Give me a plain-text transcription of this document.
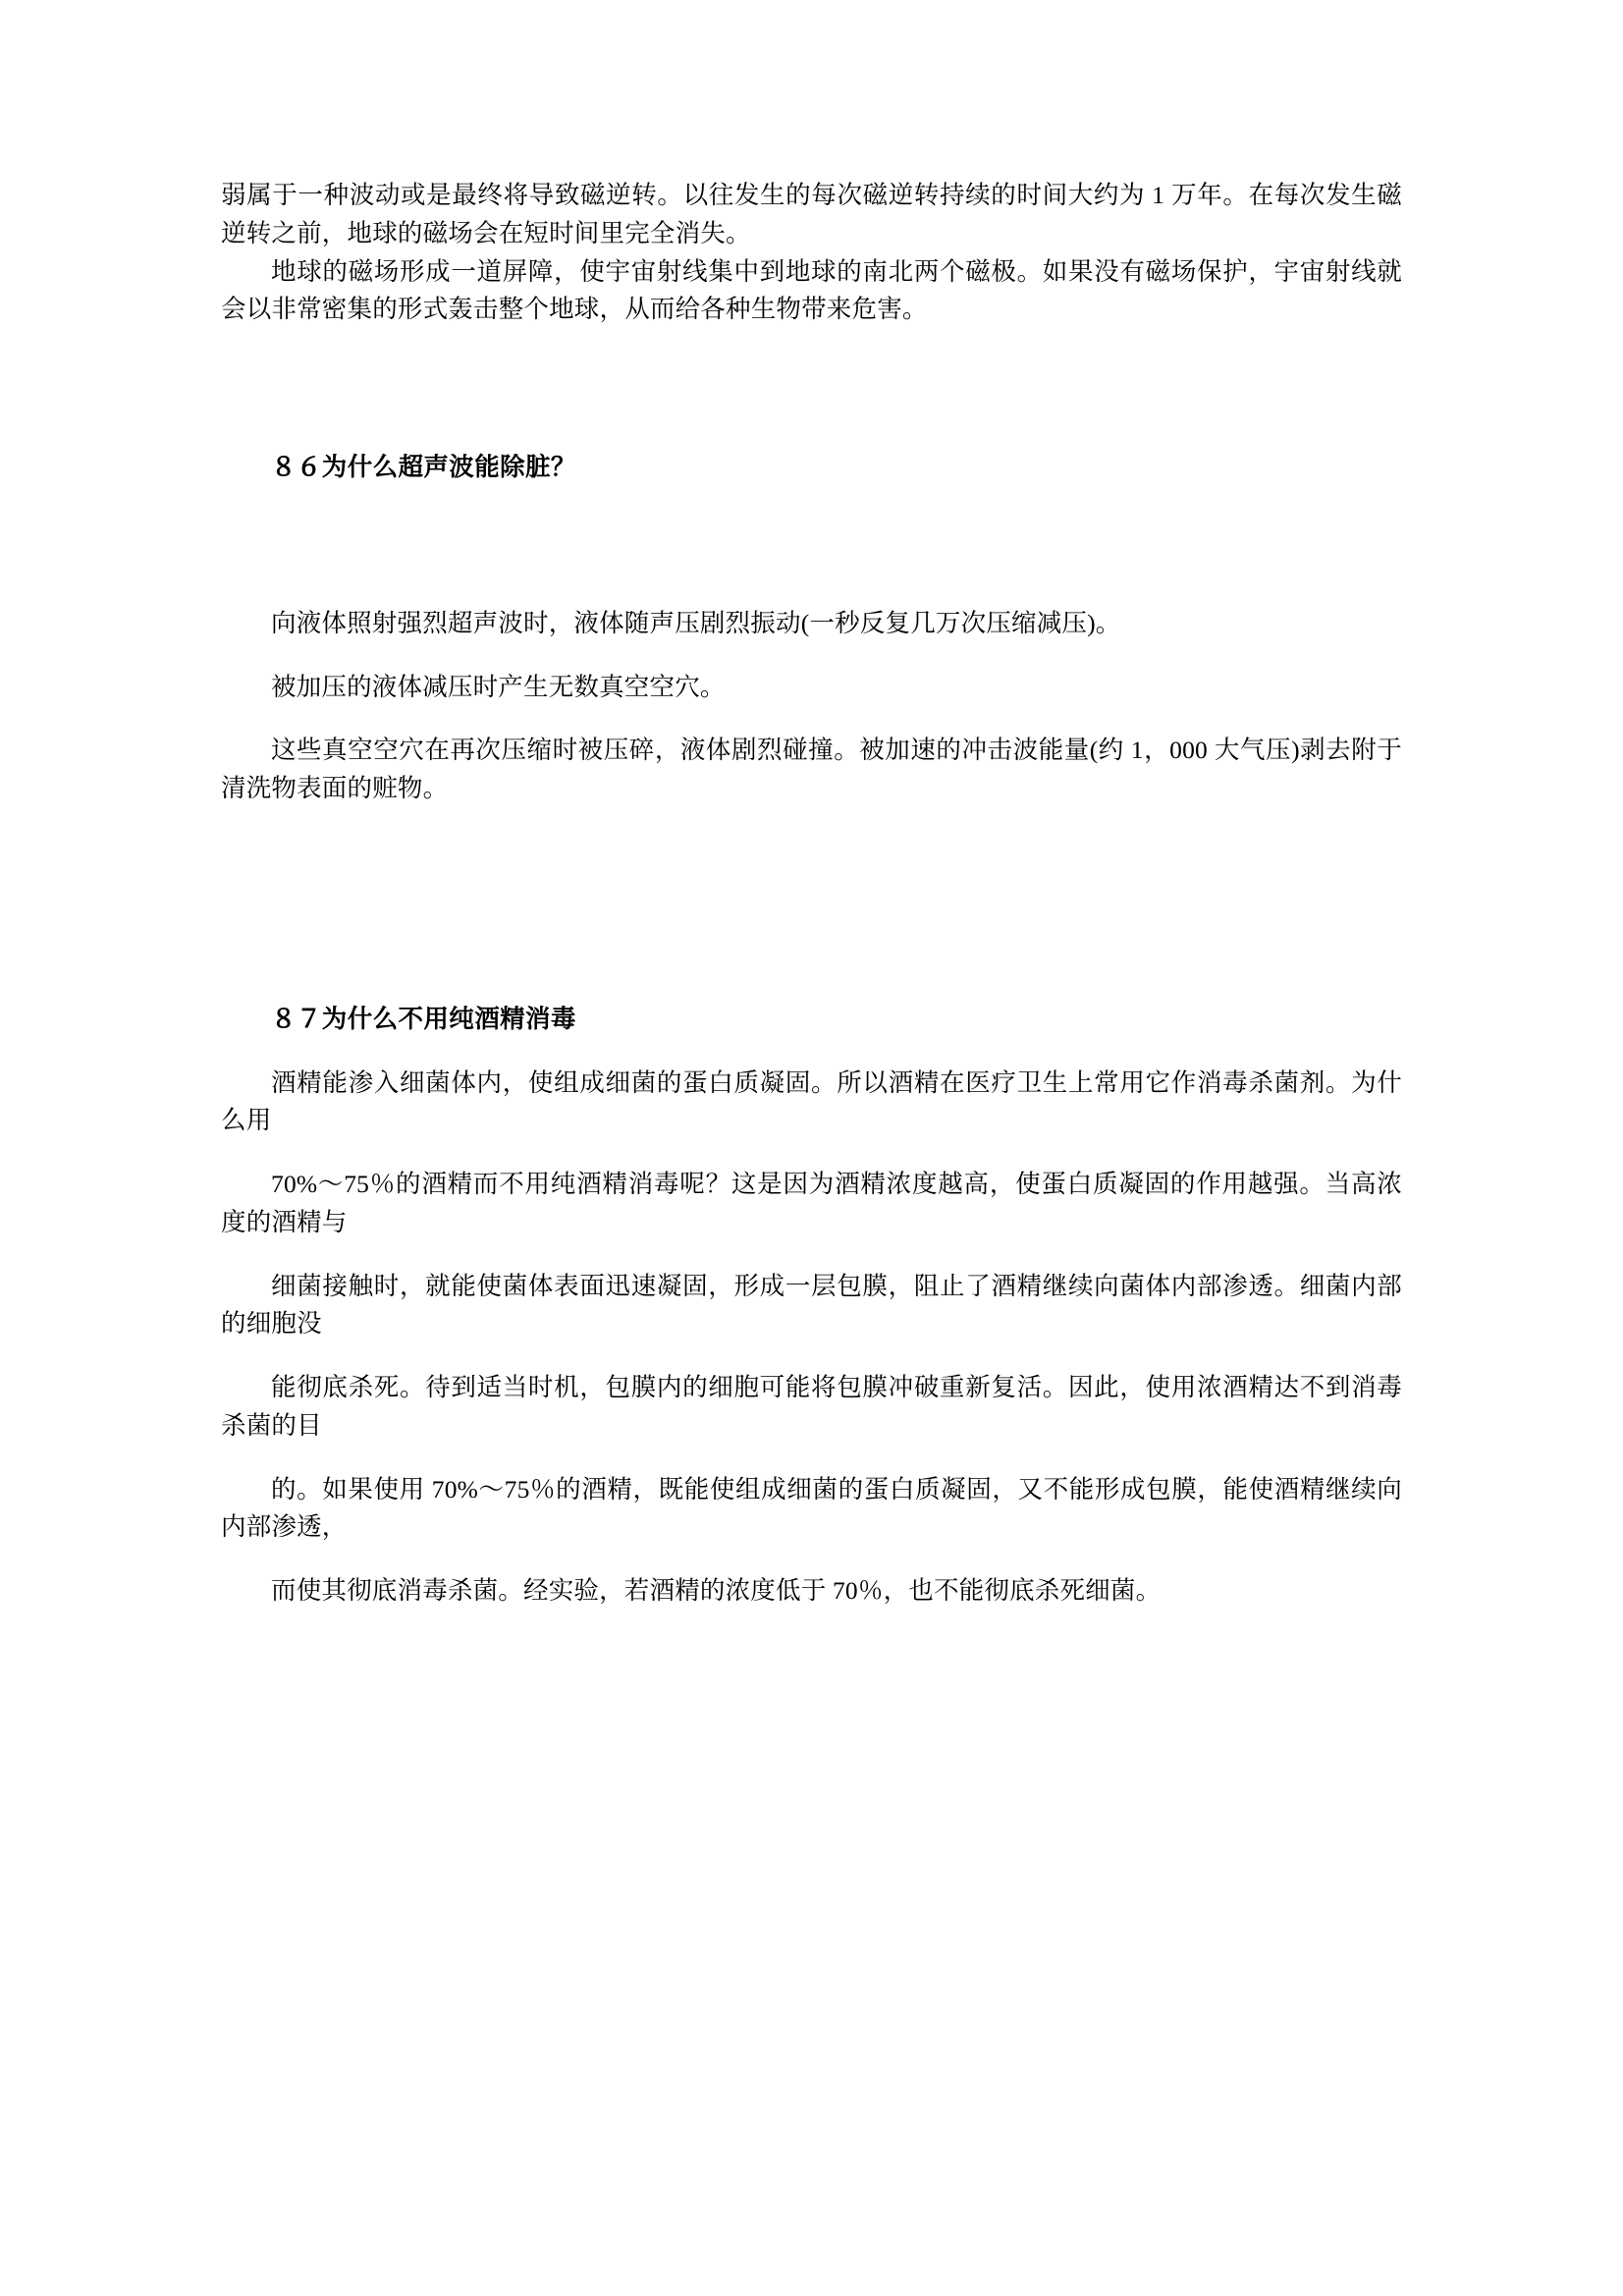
弱属于一种波动或是最终将导致磁逆转。以往发生的每次磁逆转持续的时间大约为 1 万年。在每次发生磁逆转之前，地球的磁场会在短时间里完全消失。

地球的磁场形成一道屏障，使宇宙射线集中到地球的南北两个磁极。如果没有磁场保护，宇宙射线就会以非常密集的形式轰击整个地球，从而给各种生物带来危害。

８６为什么超声波能除脏？

向液体照射强烈超声波时，液体随声压剧烈振动(一秒反复几万次压缩减压)。

被加压的液体减压时产生无数真空空穴。

这些真空空穴在再次压缩时被压碎，液体剧烈碰撞。被加速的冲击波能量(约 1，000 大气压)剥去附于清洗物表面的赃物。

８７为什么不用纯酒精消毒

酒精能渗入细菌体内，使组成细菌的蛋白质凝固。所以酒精在医疗卫生上常用它作消毒杀菌剂。为什么用

70%～75％的酒精而不用纯酒精消毒呢？这是因为酒精浓度越高，使蛋白质凝固的作用越强。当高浓度的酒精与

细菌接触时，就能使菌体表面迅速凝固，形成一层包膜，阻止了酒精继续向菌体内部渗透。细菌内部的细胞没

能彻底杀死。待到适当时机，包膜内的细胞可能将包膜冲破重新复活。因此，使用浓酒精达不到消毒杀菌的目

的。如果使用 70%～75％的酒精，既能使组成细菌的蛋白质凝固，又不能形成包膜，能使酒精继续向内部渗透，

而使其彻底消毒杀菌。经实验，若酒精的浓度低于 70％，也不能彻底杀死细菌。
